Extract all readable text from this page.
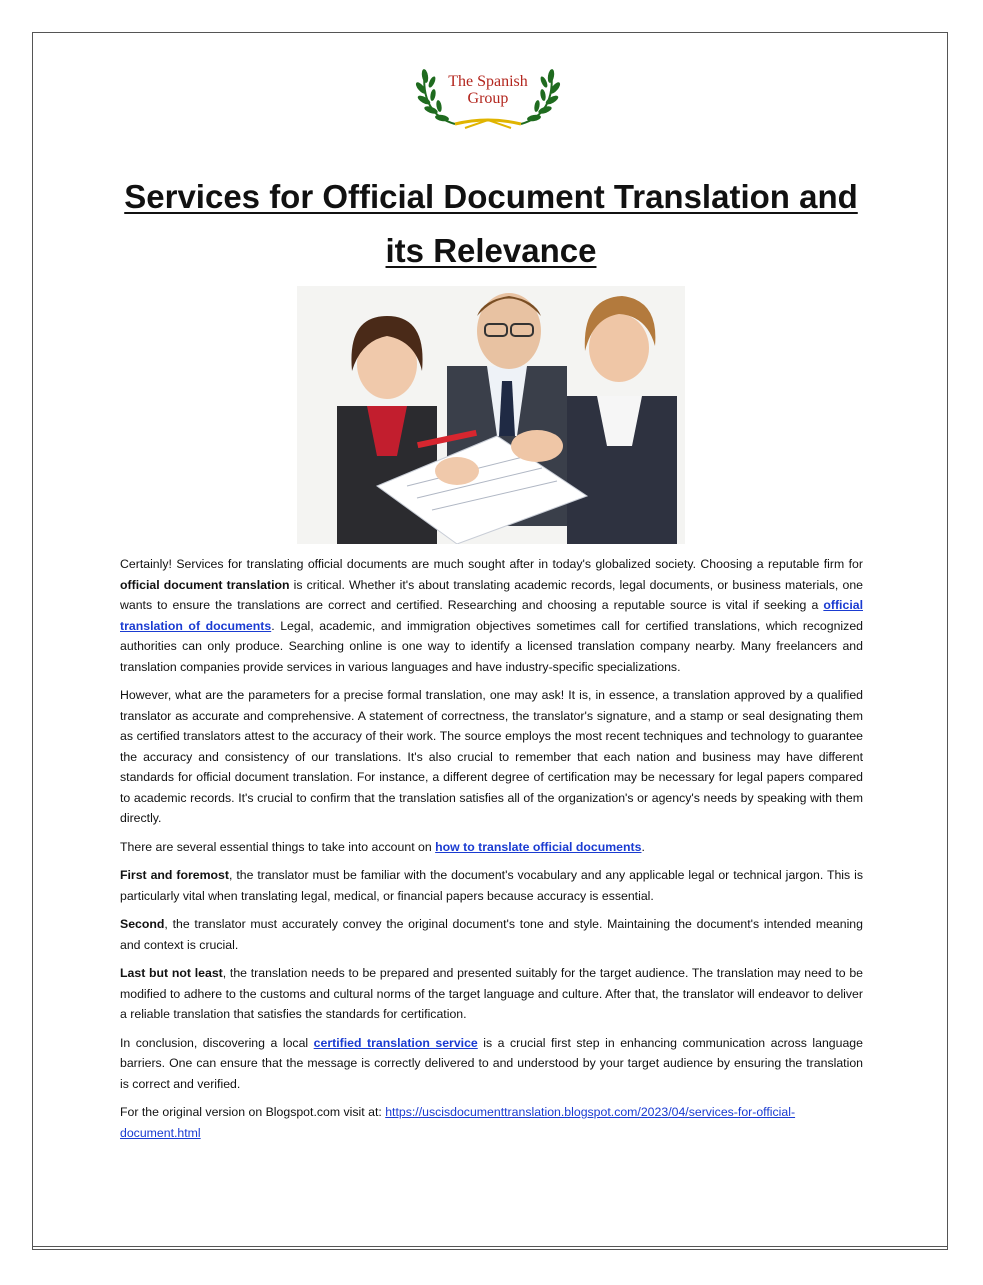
The Spanish
Group
Services for Official Document Translation and
its Relevance

Certainly! Services for translating official documents are much sought after in today's globalized society. Choosing a reputable firm for official document translation is critical. Whether it's about translating academic records, legal documents, or business materials, one wants to ensure the translations are correct and certified. Researching and choosing a reputable source is vital if seeking a official translation of documents. Legal, academic, and immigration objectives sometimes call for certified translations, which recognized authorities can only produce. Searching online is one way to identify a licensed translation company nearby. Many freelancers and translation companies provide services in various languages and have industry-specific specializations.

However, what are the parameters for a precise formal translation, one may ask! It is, in essence, a translation approved by a qualified translator as accurate and comprehensive. A statement of correctness, the translator's signature, and a stamp or seal designating them as certified translators attest to the accuracy of their work. The source employs the most recent techniques and technology to guarantee the accuracy and consistency of our translations. It's also crucial to remember that each nation and business may have different standards for official document translation. For instance, a different degree of certification may be necessary for legal papers compared to academic records. It's crucial to confirm that the translation satisfies all of the organization's or agency's needs by speaking with them directly.

There are several essential things to take into account on how to translate official documents.

First and foremost, the translator must be familiar with the document's vocabulary and any applicable legal or technical jargon. This is particularly vital when translating legal, medical, or financial papers because accuracy is essential.

Second, the translator must accurately convey the original document's tone and style. Maintaining the document's intended meaning and context is crucial.

Last but not least, the translation needs to be prepared and presented suitably for the target audience. The translation may need to be modified to adhere to the customs and cultural norms of the target language and culture. After that, the translator will endeavor to deliver a reliable translation that satisfies the standards for certification.

In conclusion, discovering a local certified translation service is a crucial first step in enhancing communication across language barriers. One can ensure that the message is correctly delivered to and understood by your target audience by ensuring the translation is correct and verified.

For the original version on Blogspot.com visit at: https://uscisdocumenttranslation.blogspot.com/2023/04/services-for-official-document.html
